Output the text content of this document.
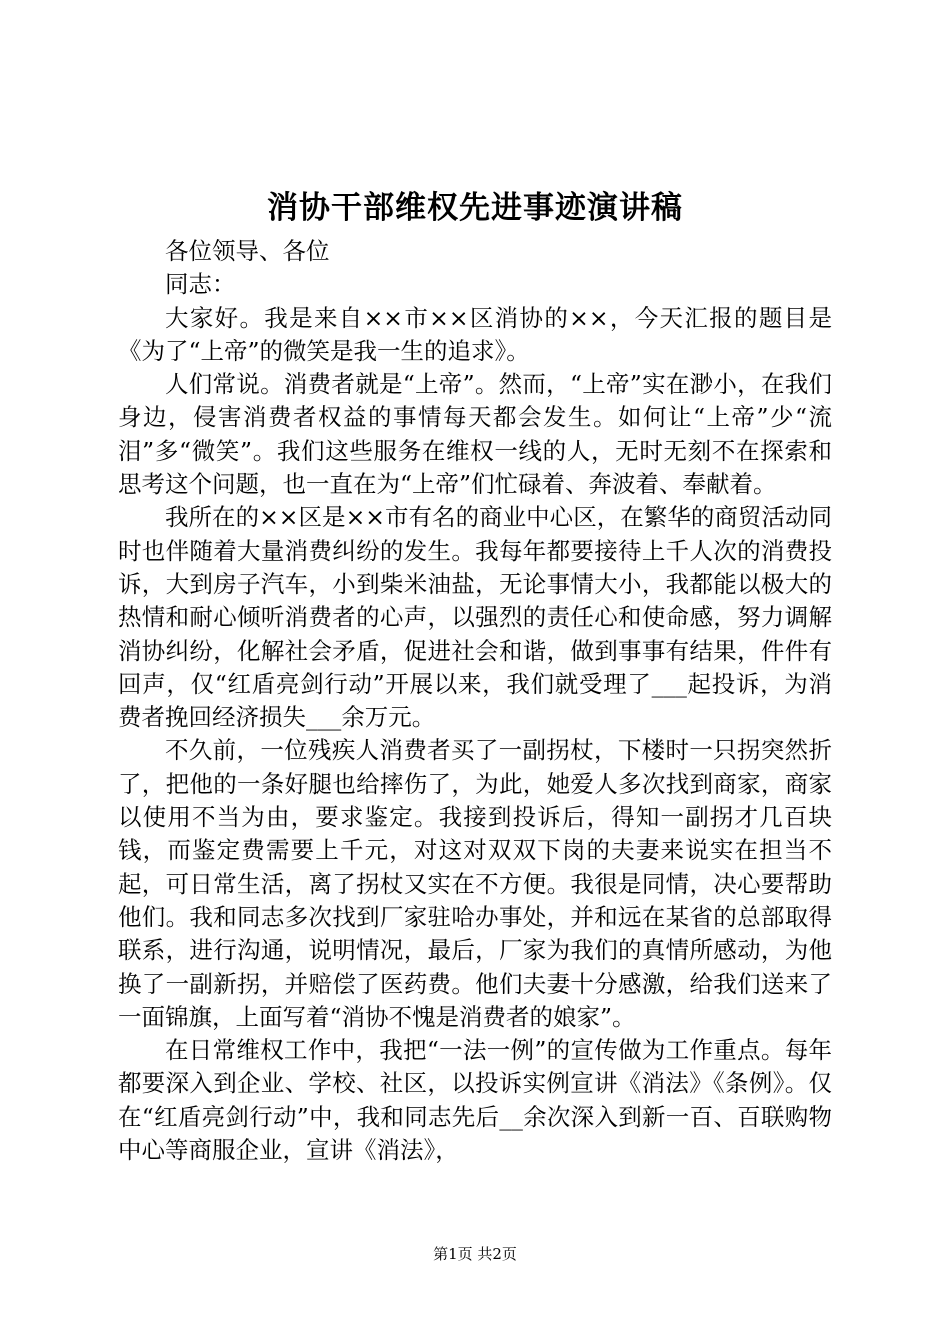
消协干部维权先进事迹演讲稿

各位领导、各位

同志：

大家好。我是来自××市××区消协的××，今天汇报的题目是《为了“上帝”的微笑是我一生的追求》。

人们常说。消费者就是“上帝”。然而，“上帝”实在渺小，在我们身边，侵害消费者权益的事情每天都会发生。如何让“上帝”少“流泪”多“微笑”。我们这些服务在维权一线的人，无时无刻不在探索和思考这个问题，也一直在为“上帝”们忙碌着、奔波着、奉献着。

我所在的××区是××市有名的商业中心区，在繁华的商贸活动同时也伴随着大量消费纠纷的发生。我每年都要接待上千人次的消费投诉，大到房子汽车，小到柴米油盐，无论事情大小，我都能以极大的热情和耐心倾听消费者的心声，以强烈的责任心和使命感，努力调解消协纠纷，化解社会矛盾，促进社会和谐，做到事事有结果，件件有回声，仅“红盾亮剑行动”开展以来，我们就受理了___起投诉，为消费者挽回经济损失___余万元。

不久前，一位残疾人消费者买了一副拐杖，下楼时一只拐突然折了，把他的一条好腿也给摔伤了，为此，她爱人多次找到商家，商家以使用不当为由，要求鉴定。我接到投诉后，得知一副拐才几百块钱，而鉴定费需要上千元，对这对双双下岗的夫妻来说实在担当不起，可日常生活，离了拐杖又实在不方便。我很是同情，决心要帮助他们。我和同志多次找到厂家驻哈办事处，并和远在某省的总部取得联系，进行沟通，说明情况，最后，厂家为我们的真情所感动，为他换了一副新拐，并赔偿了医药费。他们夫妻十分感激，给我们送来了一面锦旗，上面写着“消协不愧是消费者的娘家”。

在日常维权工作中，我把“一法一例”的宣传做为工作重点。每年都要深入到企业、学校、社区，以投诉实例宣讲《消法》《条例》。仅在“红盾亮剑行动”中，我和同志先后__余次深入到新一百、百联购物中心等商服企业，宣讲《消法》，

第1页 共2页
